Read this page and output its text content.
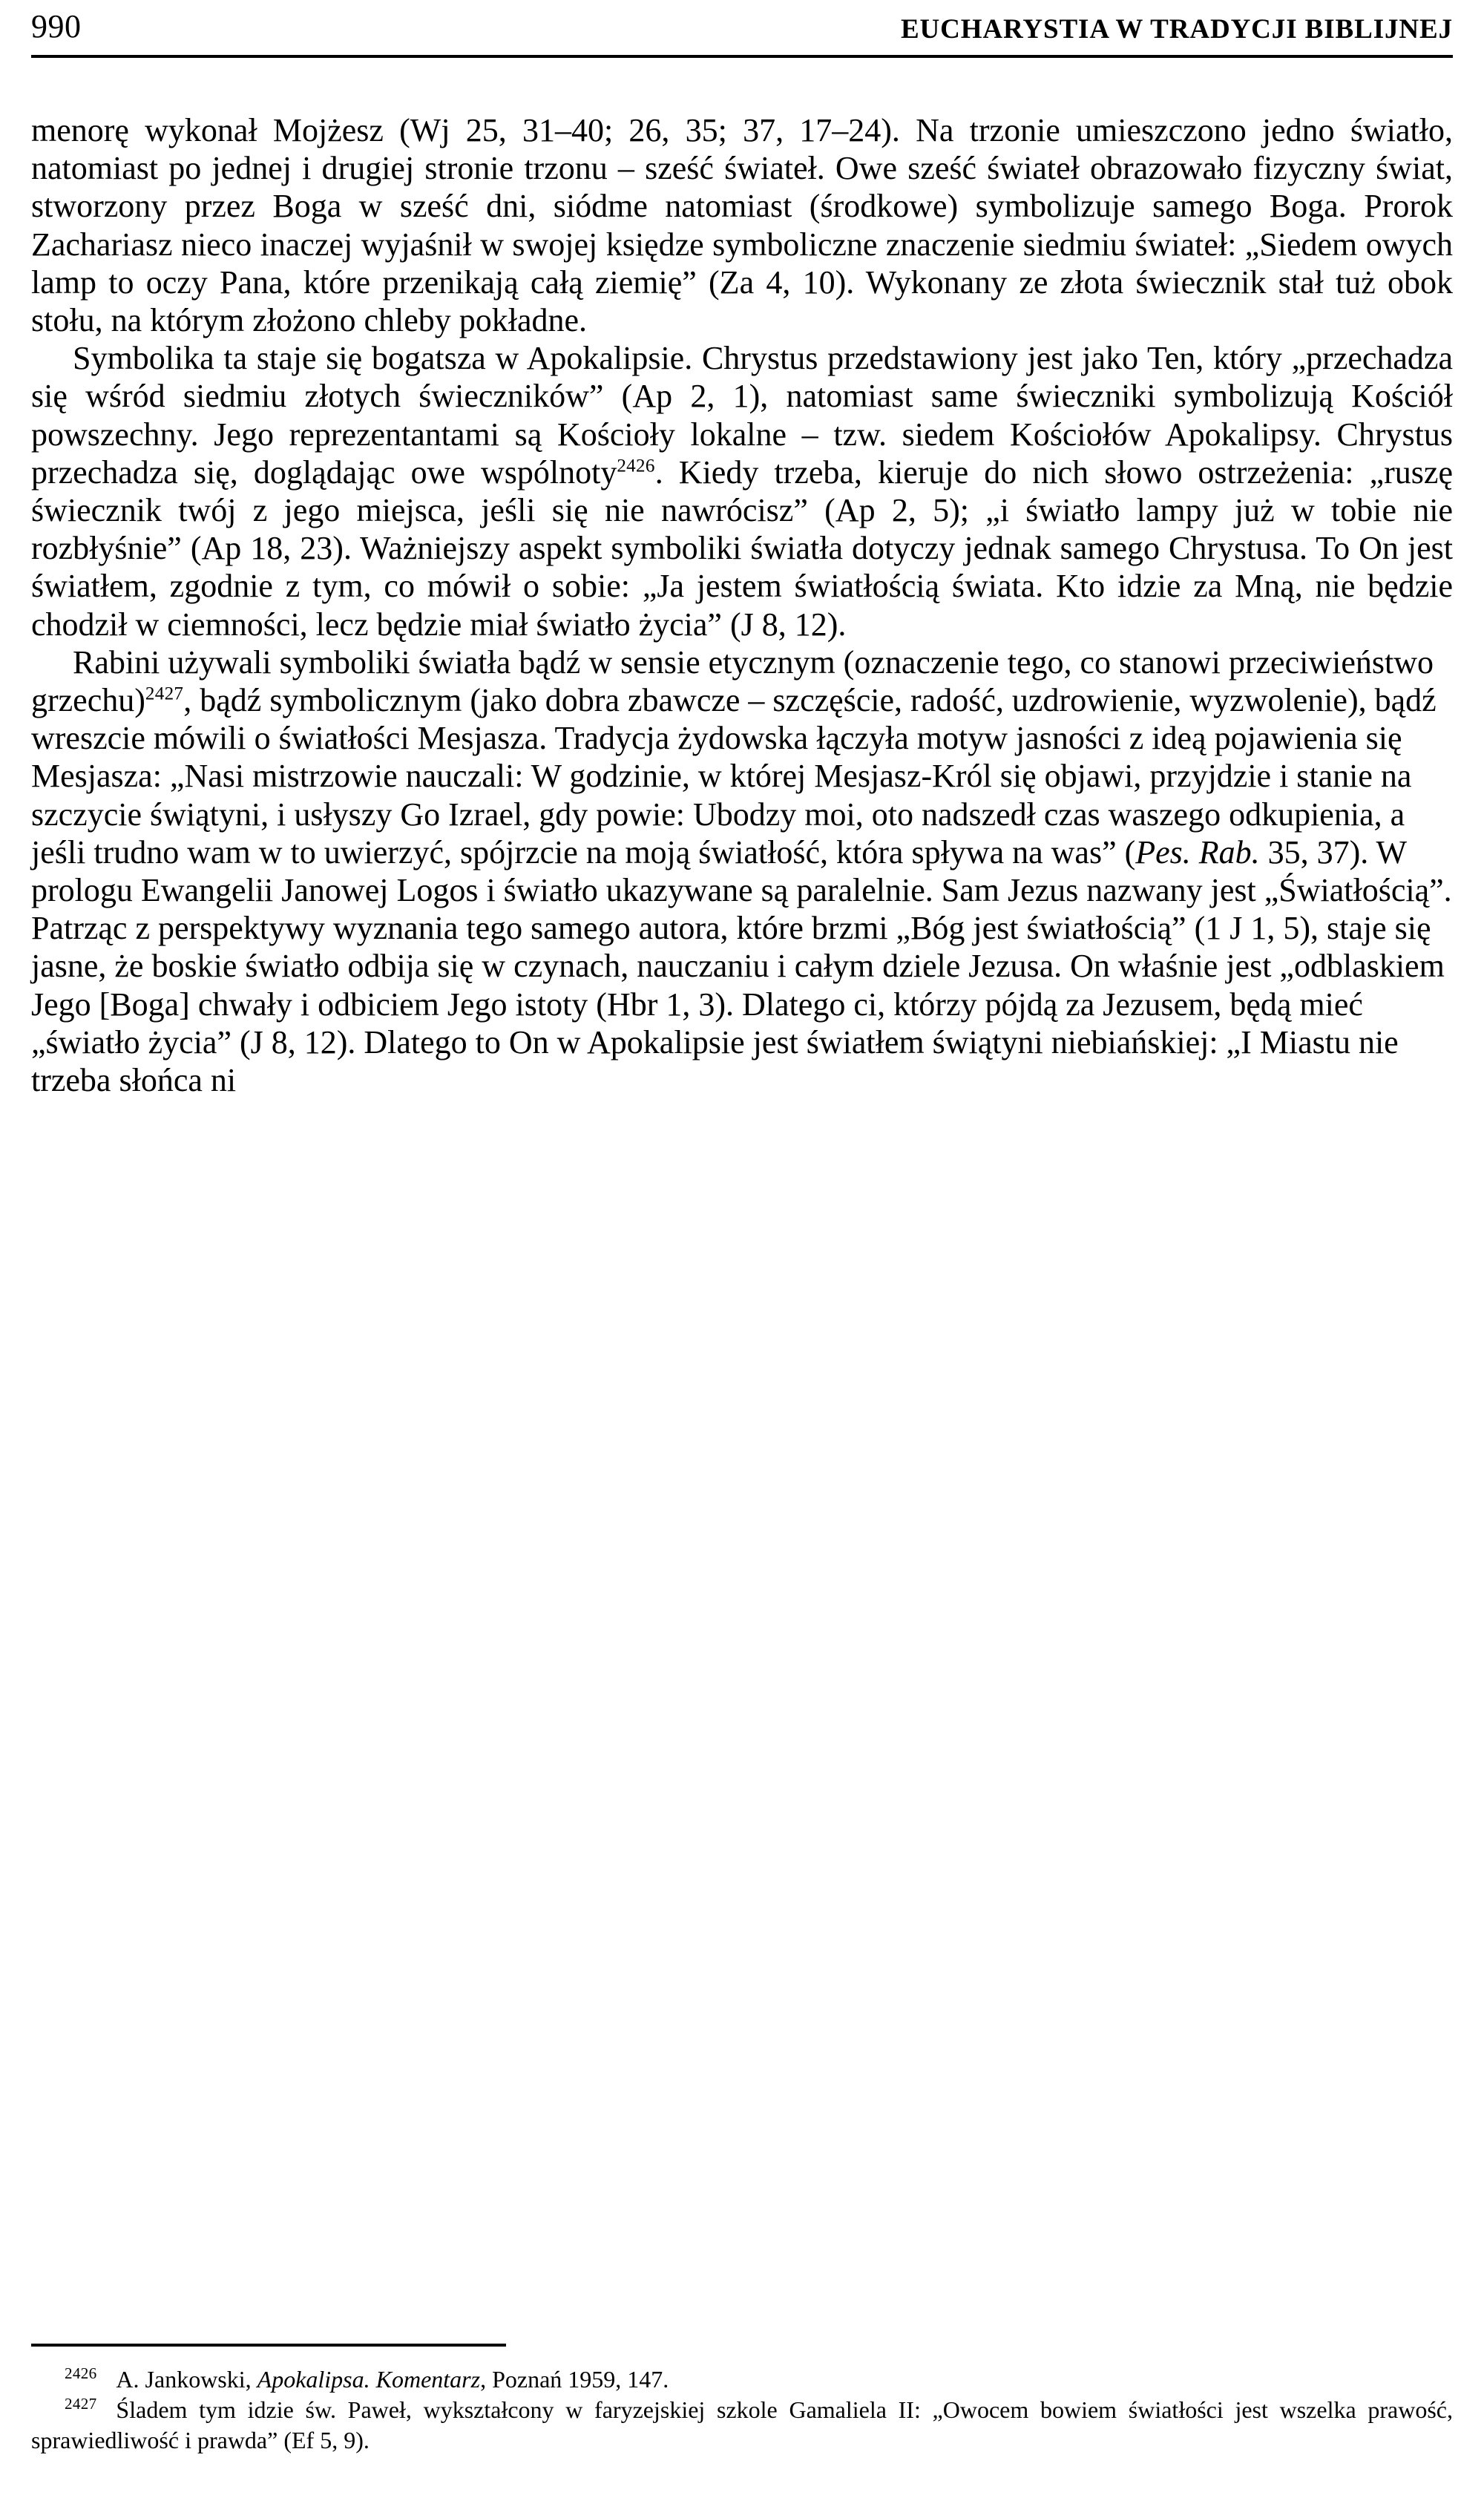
990	EUCHARYSTIA W TRADYCJI BIBLIJNEJ

menorę wykonał Mojżesz (Wj 25, 31–40; 26, 35; 37, 17–24). Na trzonie umieszczono jedno światło, natomiast po jednej i drugiej stronie trzonu – sześć świateł. Owe sześć świateł obrazowało fizyczny świat, stworzony przez Boga w sześć dni, siódme natomiast (środkowe) symbolizuje samego Boga. Prorok Zachariasz nieco inaczej wyjaśnił w swojej księdze symboliczne znaczenie siedmiu świateł: „Siedem owych lamp to oczy Pana, które przenikają całą ziemię” (Za 4, 10). Wykonany ze złota świecznik stał tuż obok stołu, na którym złożono chleby pokładne.

Symbolika ta staje się bogatsza w Apokalipsie. Chrystus przedstawiony jest jako Ten, który „przechadza się wśród siedmiu złotych świeczników” (Ap 2, 1), natomiast same świeczniki symbolizują Kościół powszechny. Jego reprezentantami są Kościoły lokalne – tzw. siedem Kościołów Apokalipsy. Chrystus przechadza się, doglądając owe wspólnoty$^{2426}$. Kiedy trzeba, kieruje do nich słowo ostrzeżenia: „ruszę świecznik twój z jego miejsca, jeśli się nie nawrócisz” (Ap 2, 5); „i światło lampy już w tobie nie rozbłyśnie” (Ap 18, 23). Ważniejszy aspekt symboliki światła dotyczy jednak samego Chrystusa. To On jest światłem, zgodnie z tym, co mówił o sobie: „Ja jestem światłością świata. Kto idzie za Mną, nie będzie chodził w ciemności, lecz będzie miał światło życia” (J 8, 12).

Rabini używali symboliki światła bądź w sensie etycznym (oznaczenie tego, co stanowi przeciwieństwo grzechu)$^{2427}$, bądź symbolicznym (jako dobra zbawcze – szczęście, radość, uzdrowienie, wyzwolenie), bądź wreszcie mówili o światłości Mesjasza. Tradycja żydowska łączyła motyw jasności z ideą pojawienia się Mesjasza: „Nasi mistrzowie nauczali: W godzinie, w której Mesjasz-Król się objawi, przyjdzie i stanie na szczycie świątyni, i usłyszy Go Izrael, gdy powie: Ubodzy moi, oto nadszedł czas waszego odkupienia, a jeśli trudno wam w to uwierzyć, spójrzcie na moją światłość, która spływa na was” (Pes. Rab. 35, 37). W prologu Ewangelii Janowej Logos i światło ukazywane są paralelnie. Sam Jezus nazwany jest „Światłością”. Patrząc z perspektywy wyznania tego samego autora, które brzmi „Bóg jest światłością” (1 J 1, 5), staje się jasne, że boskie światło odbija się w czynach, nauczaniu i całym dziele Jezusa. On właśnie jest „odblaskiem Jego [Boga] chwały i odbiciem Jego istoty (Hbr 1, 3). Dlatego ci, którzy pójdą za Jezusem, będą mieć „światło życia” (J 8, 12). Dlatego to On w Apokalipsie jest światłem świątyni niebiańskiej: „I Miastu nie trzeba słońca ni

$^{2426}$ A. Jankowski, Apokalipsa. Komentarz, Poznań 1959, 147.

$^{2427}$ Śladem tym idzie św. Paweł, wykształcony w faryzejskiej szkole Gamaliela II: „Owocem bowiem światłości jest wszelka prawość, sprawiedliwość i prawda” (Ef 5, 9).
